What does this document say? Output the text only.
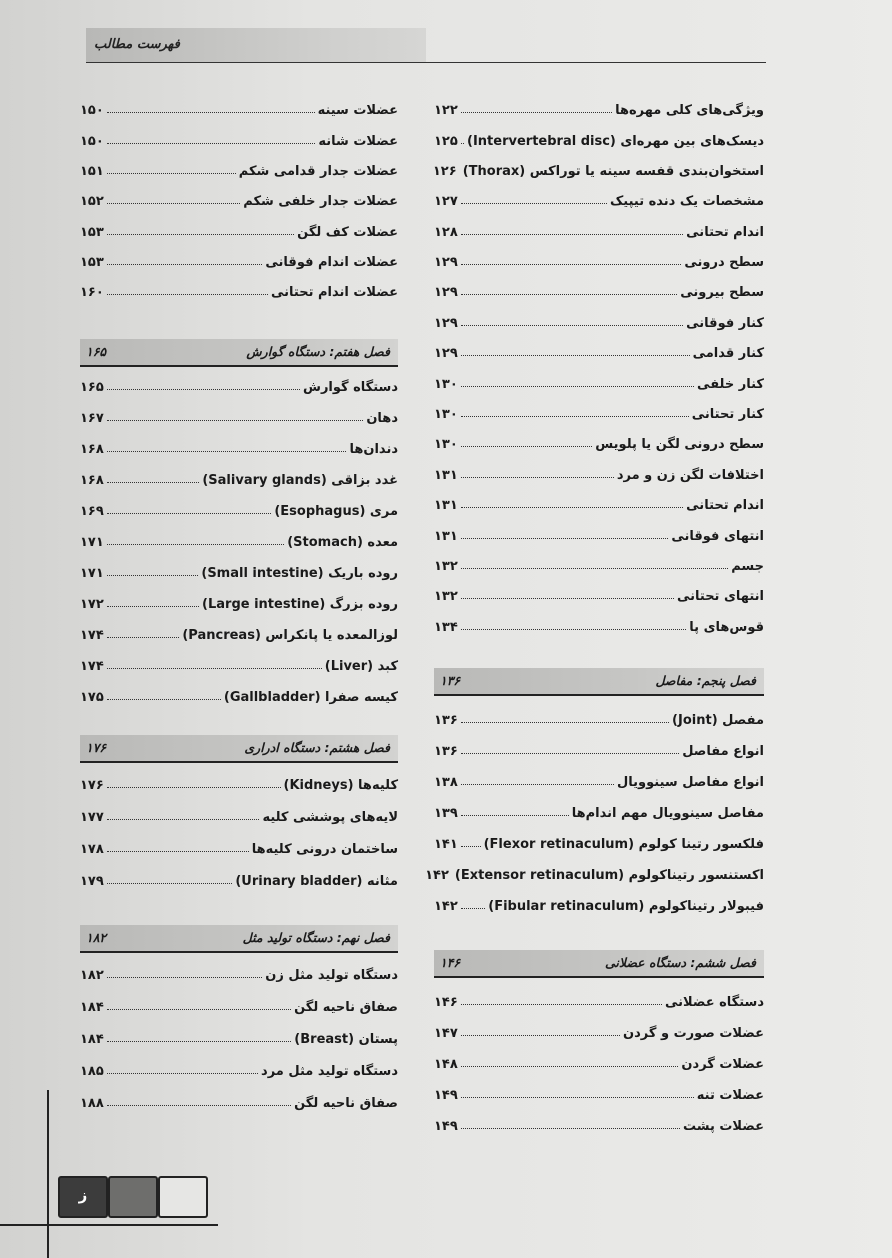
فهرست مطالب
ویژگی‌های کلی مهره‌ها
۱۲۲
دیسک‌های بین مهره‌ای (Intervertebral disc)
۱۲۵
استخوان‌بندی قفسه سینه یا توراکس (Thorax)
۱۲۶
مشخصات یک دنده تیپیک
۱۲۷
اندام تحتانی
۱۲۸
سطح درونی
۱۲۹
سطح بیرونی
۱۲۹
کنار فوقانی
۱۲۹
کنار قدامی
۱۲۹
کنار خلفی
۱۳۰
کنار تحتانی
۱۳۰
سطح درونی لگن یا پلویس
۱۳۰
اختلافات لگن زن و مرد
۱۳۱
اندام تحتانی
۱۳۱
انتهای فوقانی
۱۳۱
جسم
۱۳۲
انتهای تحتانی
۱۳۲
قوس‌های پا
۱۳۴
فصل پنجم: مفاصل
۱۳۶
مفصل (Joint)
۱۳۶
انواع مفاصل
۱۳۶
انواع مفاصل سینوویال
۱۳۸
مفاصل سینوویال مهم اندام‌ها
۱۳۹
فلکسور رتینا کولوم (Flexor retinaculum)
۱۴۱
اکستنسور رتیناکولوم (Extensor retinaculum)
۱۴۲
فیبولار رتیناکولوم (Fibular retinaculum)
۱۴۲
فصل ششم: دستگاه عضلانی
۱۴۶
دستگاه عضلانی
۱۴۶
عضلات صورت و گردن
۱۴۷
عضلات گردن
۱۴۸
عضلات تنه
۱۴۹
عضلات پشت
۱۴۹
عضلات سینه
۱۵۰
عضلات شانه
۱۵۰
عضلات جدار قدامی شکم
۱۵۱
عضلات جدار خلفی شکم
۱۵۲
عضلات کف لگن
۱۵۳
عضلات اندام فوقانی
۱۵۳
عضلات اندام تحتانی
۱۶۰
فصل هفتم: دستگاه گوارش
۱۶۵
دستگاه گوارش
۱۶۵
دهان
۱۶۷
دندان‌ها
۱۶۸
غدد بزاقی (Salivary glands)
۱۶۸
مری (Esophagus)
۱۶۹
معده (Stomach)
۱۷۱
روده باریک (Small intestine)
۱۷۱
روده بزرگ (Large intestine)
۱۷۲
لوزالمعده یا پانکراس (Pancreas)
۱۷۴
کبد (Liver)
۱۷۴
کیسه صفرا (Gallbladder)
۱۷۵
فصل هشتم: دستگاه ادراری
۱۷۶
کلیه‌ها (Kidneys)
۱۷۶
لایه‌های پوششی کلیه
۱۷۷
ساختمان درونی کلیه‌ها
۱۷۸
مثانه (Urinary bladder)
۱۷۹
فصل نهم: دستگاه تولید مثل
۱۸۲
دستگاه تولید مثل زن
۱۸۲
صفاق ناحیه لگن
۱۸۴
پستان (Breast)
۱۸۴
دستگاه تولید مثل مرد
۱۸۵
صفاق ناحیه لگن
۱۸۸
ز
